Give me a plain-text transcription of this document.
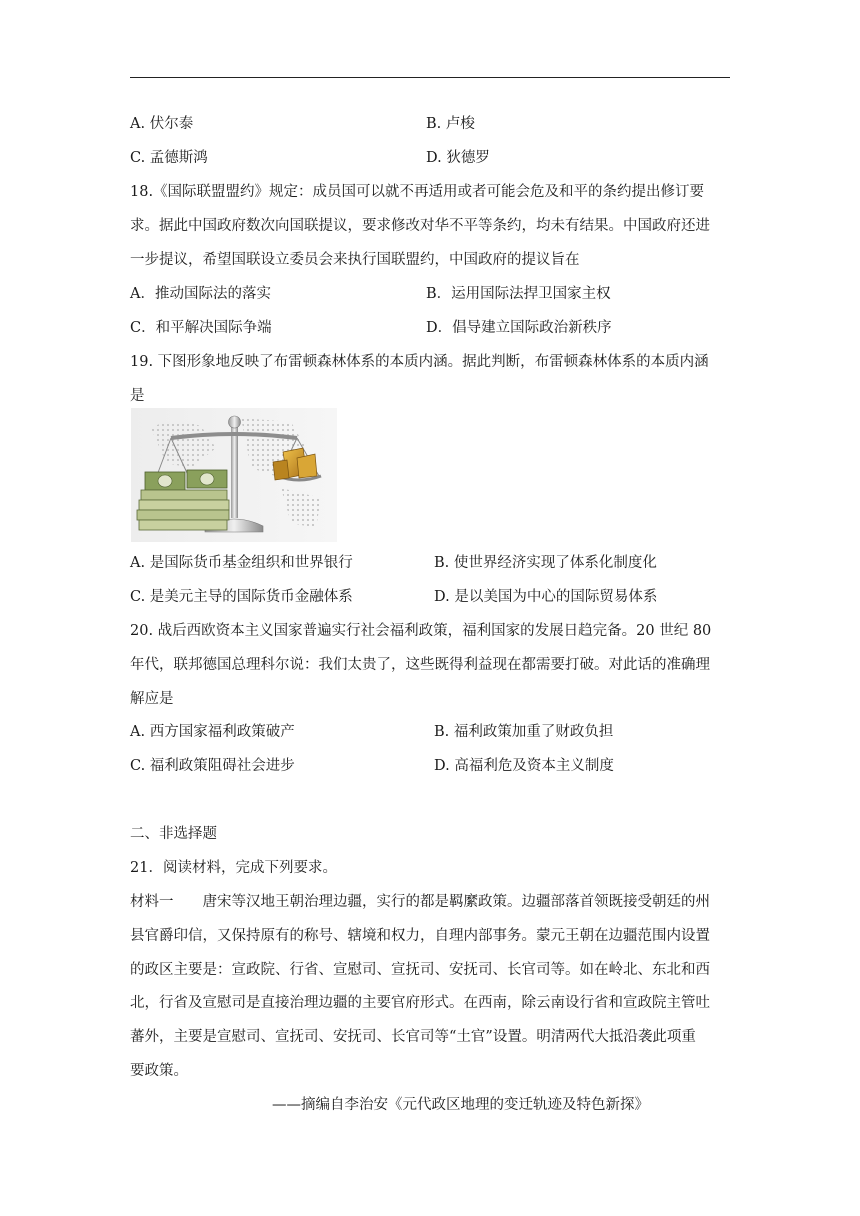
A. 伏尔泰	B. 卢梭
C. 孟德斯鸿	D. 狄德罗
18.《国际联盟盟约》规定：成员国可以就不再适用或者可能会危及和平的条约提出修订要
求。据此中国政府数次向国联提议，要求修改对华不平等条约，均未有结果。中国政府还进
一步提议，希望国联设立委员会来执行国联盟约，中国政府的提议旨在
A．推动国际法的落实	B．运用国际法捍卫国家主权
C．和平解决国际争端	D．倡导建立国际政治新秩序
19. 下图形象地反映了布雷顿森林体系的本质内涵。据此判断，布雷顿森林体系的本质内涵
是
A. 是国际货币基金组织和世界银行	B. 使世界经济实现了体系化制度化
C. 是美元主导的国际货币金融体系	D. 是以美国为中心的国际贸易体系
20. 战后西欧资本主义国家普遍实行社会福利政策，福利国家的发展日趋完备。20 世纪 80
年代，联邦德国总理科尔说：我们太贵了，这些既得利益现在都需要打破。对此话的准确理
解应是
A. 西方国家福利政策破产	B. 福利政策加重了财政负担
C. 福利政策阻碍社会进步	D. 高福利危及资本主义制度
二、非选择题
21．阅读材料，完成下列要求。
材料一　　唐宋等汉地王朝治理边疆，实行的都是羁縻政策。边疆部落首领既接受朝廷的州
县官爵印信，又保持原有的称号、辖境和权力，自理内部事务。蒙元王朝在边疆范围内设置
的政区主要是：宣政院、行省、宣慰司、宣抚司、安抚司、长官司等。如在岭北、东北和西
北，行省及宣慰司是直接治理边疆的主要官府形式。在西南，除云南设行省和宣政院主管吐
蕃外，主要是宣慰司、宣抚司、安抚司、长官司等“土官”设置。明清两代大抵沿袭此项重
要政策。
——摘编自李治安《元代政区地理的变迁轨迹及特色新探》
